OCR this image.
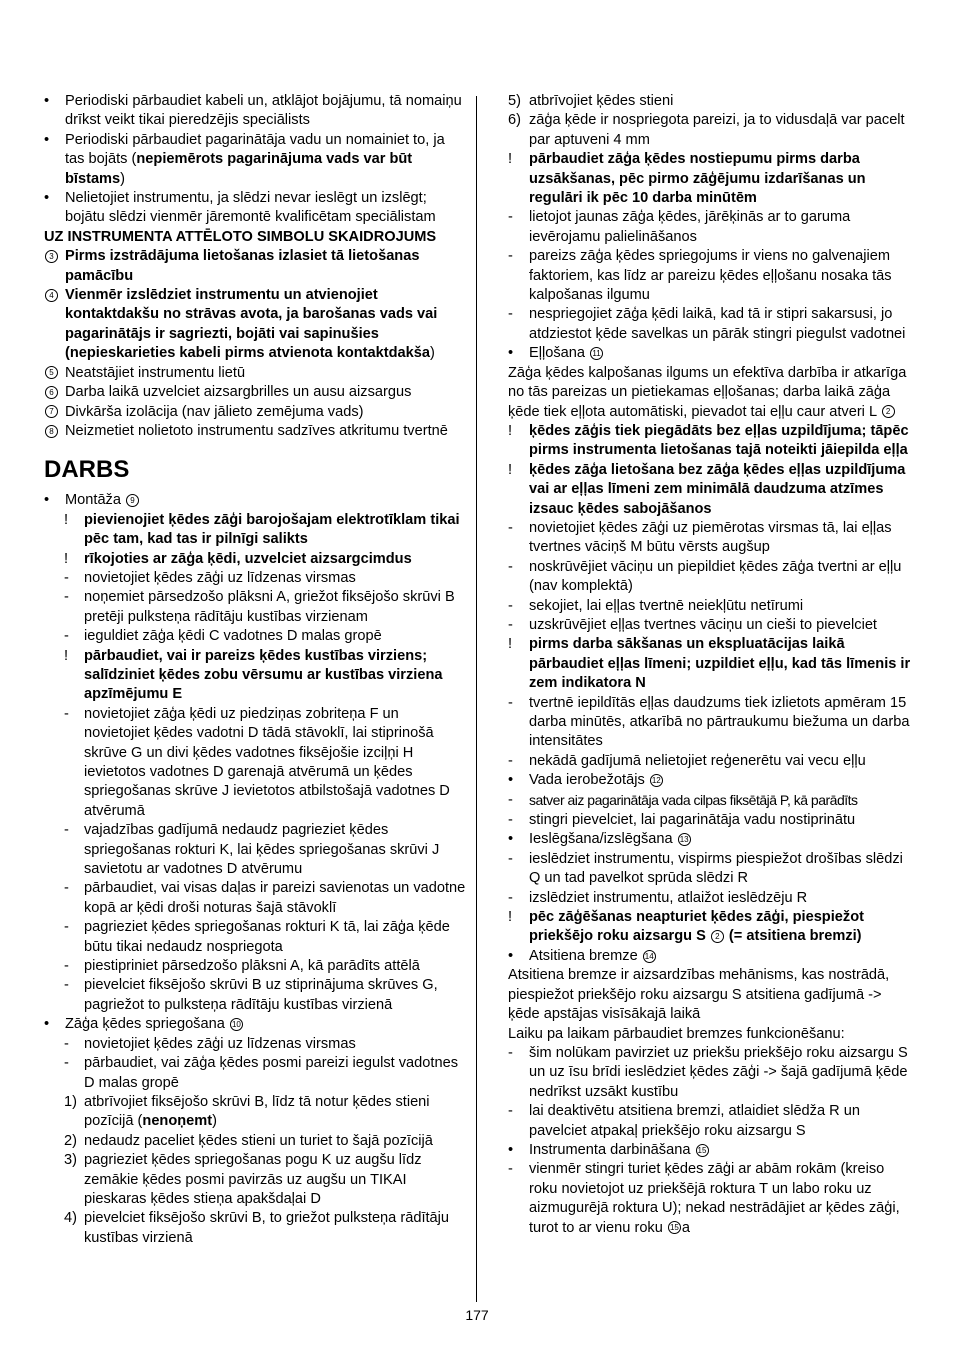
• Periodiski pārbaudiet kabeli un, atklājot bojājumu, tā nomaiņu drīkst veikt tikai pieredzējis speciālists
• Periodiski pārbaudiet pagarinātāja vadu un nomainiet to, ja tas bojāts (nepiemērots pagarinājuma vads var būt bīstams)
• Nelietojiet instrumentu, ja slēdzi nevar ieslēgt un izslēgt; bojātu slēdzi vienmēr jāremontē kvalificētam speciālistam
UZ INSTRUMENTA ATTĒLOTO SIMBOLU SKAIDROJUMS
3 Pirms izstrādājuma lietošanas izlasiet tā lietošanas pamācību
4 Vienmēr izslēdziet instrumentu un atvienojiet kontaktdakšu no strāvas avota, ja barošanas vads vai pagarinātājs ir sagriezti, bojāti vai sapinušies (nepieskarieties kabeli pirms atvienota kontaktdakša)
5 Neatstājiet instrumentu lietū
6 Darba laikā uzvelciet aizsargbrilles un ausu aizsargus
7 Divkārša izolācija (nav jālieto zemējuma vads)
8 Neizmetiet nolietoto instrumentu sadzīves atkritumu tvertnē
DARBS
• Montāža 9
! pievienojiet ķēdes zāģi barojošajam elektrotīklam tikai pēc tam, kad tas ir pilnīgi salikts
! rīkojoties ar zāģa ķēdi, uzvelciet aizsargcimdus
- novietojiet ķēdes zāģi uz līdzenas virsmas
- noņemiet pārsedzošo plāksni A, griežot fiksējošo skrūvi B pretēji pulksteņa rādītāju kustības virzienam
- ieguldiet zāģa ķēdi C vadotnes D malas gropē
! pārbaudiet, vai ir pareizs ķēdes kustības virziens; salīdziniet ķēdes zobu vērsumu ar kustības virziena apzīmējumu E
- novietojiet zāģa ķēdi uz piedziņas zobriteņa F un novietojiet ķēdes vadotni D tādā stāvoklī, lai stiprinošā skrūve G un divi ķēdes vadotnes fiksējošie izciļņi H ievietotos vadotnes D garenajā atvērumā un ķēdes spriegošanas skrūve J ievietotos atbilstošajā vadotnes D atvērumā
- vajadzības gadījumā nedaudz pagrieziet ķēdes spriegošanas rokturi K, lai ķēdes spriegošanas skrūvi J savietotu ar vadotnes D atvērumu
- pārbaudiet, vai visas daļas ir pareizi savienotas un vadotne kopā ar ķēdi droši noturas šajā stāvoklī
- pagrieziet ķēdes spriegošanas rokturi K tā, lai zāģa ķēde būtu tikai nedaudz nospriegota
- piestipriniet pārsedzošo plāksni A, kā parādīts attēlā
- pievelciet fiksējošo skrūvi B uz stiprinājuma skrūves G, pagriežot to pulksteņa rādītāju kustības virzienā
• Zāģa ķēdes spriegošana 10
- novietojiet ķēdes zāģi uz līdzenas virsmas
- pārbaudiet, vai zāģa ķēdes posmi pareizi iegulst vadotnes D malas gropē
1) atbrīvojiet fiksējošo skrūvi B, līdz tā notur ķēdes stieni pozīcijā (nenoņemt)
2) nedaudz paceliet ķēdes stieni un turiet to šajā pozīcijā
3) pagrieziet ķēdes spriegošanas pogu K uz augšu līdz zemākie ķēdes posmi pavirzās uz augšu un TIKAI pieskaras ķēdes stieņa apakšdaļai D
4) pievelciet fiksējošo skrūvi B, to griežot pulksteņa rādītāju kustības virzienā
5) atbrīvojiet ķēdes stieni
6) zāģa ķēde ir nospriegota pareizi, ja to vidusdaļā var pacelt par aptuveni 4 mm
! pārbaudiet zāģa ķēdes nostiepumu pirms darba uzsākšanas, pēc pirmo zāģējumu izdarīšanas un regulāri ik pēc 10 darba minūtēm
- lietojot jaunas zāģa ķēdes, jārēķinās ar to garuma ievērojamu palielināšanos
- pareizs zāģa ķēdes spriegojums ir viens no galvenajiem faktoriem, kas līdz ar pareizu ķēdes eļļošanu nosaka tās kalpošanas ilgumu
- nespriegojiet zāģa ķēdi laikā, kad tā ir stipri sakarsusi, jo atdziestot ķēde savelkas un pārāk stingri piegulst vadotnei
• Eļļošana 11
Zāģa ķēdes kalpošanas ilgums un efektīva darbība ir atkarīga no tās pareizas un pietiekamas eļļošanas; darba laikā zāģa ķēde tiek eļļota automātiski, pievadot tai eļļu caur atveri L 2
! ķēdes zāģis tiek piegādāts bez eļļas uzpildījuma; tāpēc pirms instrumenta lietošanas tajā noteikti jāiepilda eļļa
! ķēdes zāģa lietošana bez zāģa ķēdes eļļas uzpildījuma vai ar eļļas līmeni zem minimālā daudzuma atzīmes izsauc ķēdes sabojāšanos
- novietojiet ķēdes zāģi uz piemērotas virsmas tā, lai eļļas tvertnes vāciņš M būtu vērsts augšup
- noskrūvējiet vāciņu un piepildiet ķēdes zāģa tvertni ar eļļu (nav komplektā)
- sekojiet, lai eļļas tvertnē neiekļūtu netīrumi
- uzskrūvējiet eļļas tvertnes vāciņu un cieši to pievelciet
! pirms darba sākšanas un ekspluatācijas laikā pārbaudiet eļļas līmeni; uzpildiet eļļu, kad tās līmenis ir zem indikatora N
- tvertnē iepildītās eļļas daudzums tiek izlietots apmēram 15 darba minūtēs, atkarībā no pārtraukumu biežuma un darba intensitātes
- nekādā gadījumā nelietojiet reģenerētu vai vecu eļļu
• Vada ierobežotājs 12
- satver aiz pagarinātāja vada cilpas fiksētājā P, kā parādīts
- stingri pievelciet, lai pagarinātāja vadu nostiprinātu
• Ieslēgšana/izslēgšana 13
- ieslēdziet instrumentu, vispirms piespiežot drošības slēdzi Q un tad pavelkot sprūda slēdzi R
- izslēdziet instrumentu, atlaižot ieslēdzēju R
! pēc zāģēšanas neapturiet ķēdes zāģi, piespiežot priekšējo roku aizsargu S 2 (= atsitiena bremzi)
• Atsitiena bremze 14
Atsitiena bremze ir aizsardzības mehānisms, kas nostrādā, piespiežot priekšējo roku aizsargu S atsitiena gadījumā -> ķēde apstājas visīsākajā laikā
Laiku pa laikam pārbaudiet bremzes funkcionēšanu:
- šim nolūkam pavirziet uz priekšu priekšējo roku aizsargu S un uz īsu brīdi ieslēdziet ķēdes zāģi -> šajā gadījumā ķēde nedrīkst uzsākt kustību
- lai deaktivētu atsitiena bremzi, atlaidiet slēdža R un pavelciet atpakaļ priekšējo roku aizsargu S
• Instrumenta darbināšana 15
- vienmēr stingri turiet ķēdes zāģi ar abām rokām (kreiso roku novietojot uz priekšējā roktura T un labo roku uz aizmugurējā roktura U); nekad nestrādājiet ar ķēdes zāģi, turot to ar vienu roku 15 a
177
